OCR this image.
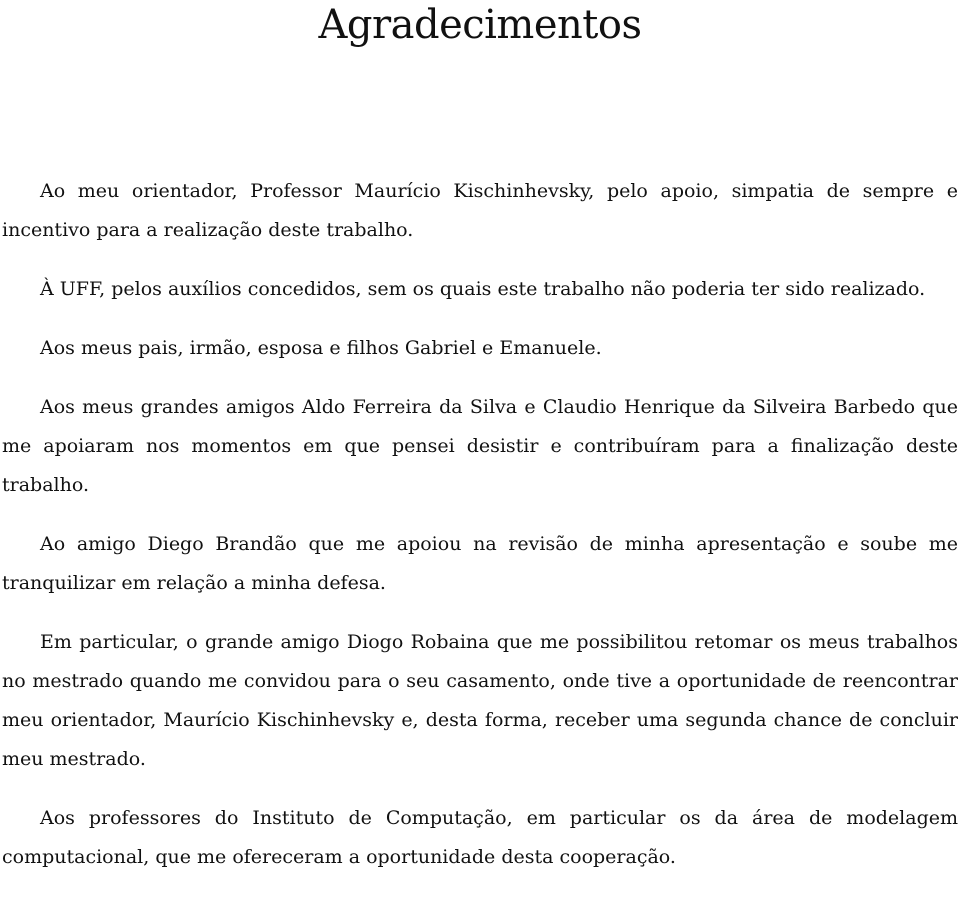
Agradecimentos

Ao meu orientador, Professor Maurício Kischinhevsky, pelo apoio, simpatia de sempre e incentivo para a realização deste trabalho.

À UFF, pelos auxílios concedidos, sem os quais este trabalho não poderia ter sido realizado.

Aos meus pais, irmão, esposa e filhos Gabriel e Emanuele.

Aos meus grandes amigos Aldo Ferreira da Silva e Claudio Henrique da Silveira Barbedo que me apoiaram nos momentos em que pensei desistir e contribuíram para a finalização deste trabalho.

Ao amigo Diego Brandão que me apoiou na revisão de minha apresentação e soube me tranquilizar em relação a minha defesa.

Em particular, o grande amigo Diogo Robaina que me possibilitou retomar os meus trabalhos no mestrado quando me convidou para o seu casamento, onde tive a oportunidade de reencontrar meu orientador, Maurício Kischinhevsky e, desta forma, receber uma segunda chance de concluir meu mestrado.

Aos professores do Instituto de Computação, em particular os da área de modelagem computacional, que me ofereceram a oportunidade desta cooperação.
